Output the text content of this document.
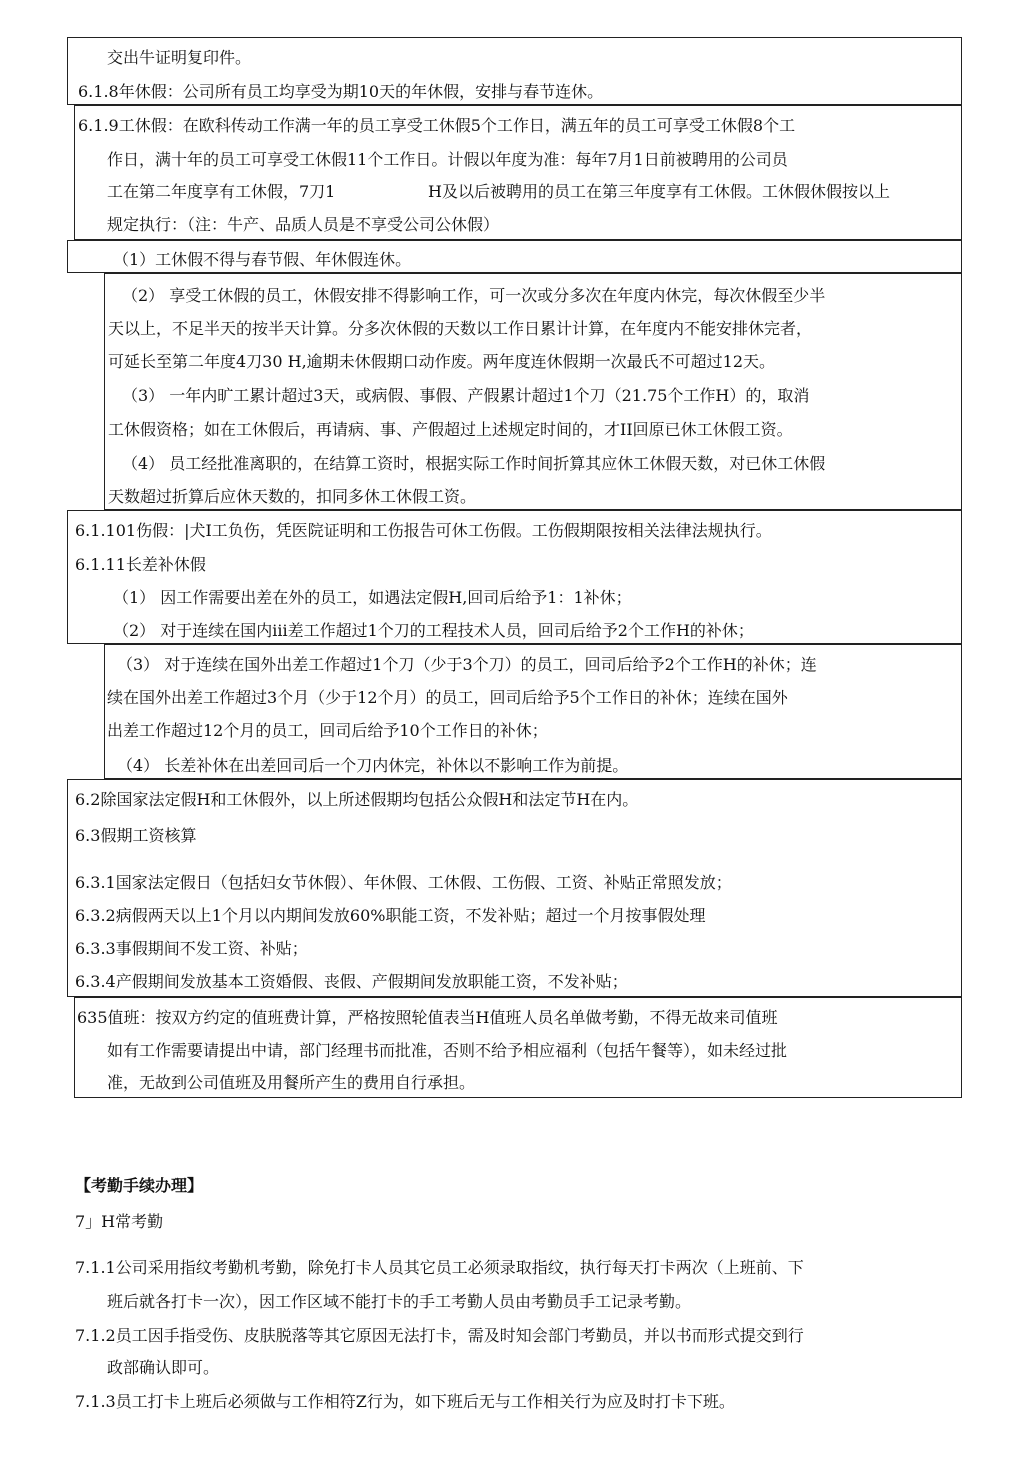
交出牛证明复印件。
6.1.8年休假：公司所有员工均享受为期10天的年休假，安排与春节连休。
6.1.9工休假：在欧科传动工作满一年的员工享受工休假5个工作日，满五年的员工可享受工休假8个工
作日，满十年的员工可享受工休假11个工作日。计假以年度为准：每年7月1日前被聘用的公司员
工在第二年度享有工休假，7刀1	H及以后被聘用的员工在第三年度享有工休假。工休假休假按以上
规定执行：（注：牛产、品质人员是不享受公司公休假）
（1）工休假不得与春节假、年休假连休。
（2） 享受工休假的员工，休假安排不得影响工作，可一次或分多次在年度内休完，每次休假至少半
天以上，不足半天的按半天计算。分多次休假的天数以工作日累计计算，在年度内不能安排休完者，
可延长至第二年度4刀30 H,逾期未休假期口动作废。两年度连休假期一次最氏不可超过12天。
（3） 一年内旷工累计超过3天，或病假、事假、产假累计超过1个刀（21.75个工作H）的，取消
工休假资格；如在工休假后，再请病、事、产假超过上述规定时间的，才II回原已休工休假工资。
（4） 员工经批准离职的，在结算工资时，根据实际工作时间折算其应休工休假天数，对已休工休假
天数超过折算后应休天数的，扣同多休工休假工资。
6.1.101伤假：|犬I工负伤，凭医院证明和工伤报告可休工伤假。工伤假期限按相关法律法规执行。
6.1.11长差补休假
（1） 因工作需要出差在外的员工，如遇法定假H,回司后给予1：1补休；
（2） 对于连续在国内iii差工作超过1个刀的工程技术人员，回司后给予2个工作H的补休；
（3） 对于连续在国外出差工作超过1个刀（少于3个刀）的员工，回司后给予2个工作H的补休；连
续在国外出差工作超过3个月（少于12个月）的员工，回司后给予5个工作日的补休；连续在国外
出差工作超过12个月的员工，回司后给予10个工作日的补休；
（4） 长差补休在出差回司后一个刀内休完，补休以不影响工作为前提。
6.2除国家法定假H和工休假外，以上所述假期均包括公众假H和法定节H在内。
6.3假期工资核算
6.3.1国家法定假日（包括妇女节休假）、年休假、工休假、工伤假、工资、补贴正常照发放；
6.3.2病假两天以上1个月以内期间发放60%职能工资，不发补贴；超过一个月按事假处理
6.3.3事假期间不发工资、补贴；
6.3.4产假期间发放基本工资婚假、丧假、产假期间发放职能工资，不发补贴；
635值班：按双方约定的值班费计算，严格按照轮值表当H值班人员名单做考勤，不得无故来司值班
如有工作需要请提出中请，部门经理书而批准，否则不给予相应福利（包括午餐等），如未经过批
准，无故到公司值班及用餐所产生的费用自行承担。
【考勤手续办理】
7」H常考勤
7.1.1公司采用指纹考勤机考勤，除免打卡人员其它员工必须录取指纹，执行每天打卡两次（上班前、下
班后就各打卡一次），因工作区域不能打卡的手工考勤人员由考勤员手工记录考勤。
7.1.2员工因手指受伤、皮肤脱落等其它原因无法打卡，需及时知会部门考勤员，并以书而形式提交到行
政部确认即可。
7.1.3员工打卡上班后必须做与工作相符Z行为，如下班后无与工作相关行为应及时打卡下班。
